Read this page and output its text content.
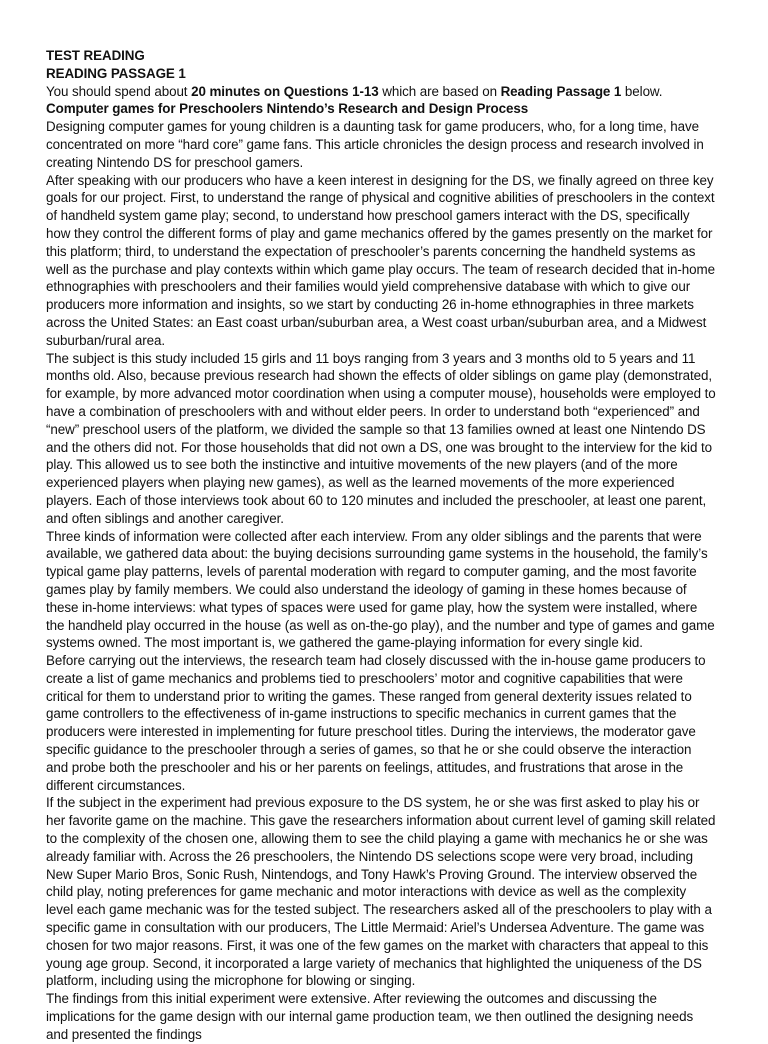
TEST READING
READING PASSAGE 1
You should spend about 20 minutes on Questions 1-13 which are based on Reading Passage 1 below.
Computer games for Preschoolers Nintendo’s Research and Design Process

Designing computer games for young children is a daunting task for game producers, who, for a long time, have concentrated on more “hard core” game fans. This article chronicles the design process and research involved in creating Nintendo DS for preschool gamers.

After speaking with our producers who have a keen interest in designing for the DS, we finally agreed on three key goals for our project. First, to understand the range of physical and cognitive abilities of preschoolers in the context of handheld system game play; second, to understand how preschool gamers interact with the DS, specifically how they control the different forms of play and game mechanics offered by the games presently on the market for this platform; third, to understand the expectation of preschooler’s parents concerning the handheld systems as well as the purchase and play contexts within which game play occurs. The team of research decided that in-home ethnographies with preschoolers and their families would yield comprehensive database with which to give our producers more information and insights, so we start by conducting 26 in-home ethnographies in three markets across the United States: an East coast urban/suburban area, a West coast urban/suburban area, and a Midwest suburban/rural area.

The subject is this study included 15 girls and 11 boys ranging from 3 years and 3 months old to 5 years and 11 months old. Also, because previous research had shown the effects of older siblings on game play (demonstrated, for example, by more advanced motor coordination when using a computer mouse), households were employed to have a combination of preschoolers with and without elder peers. In order to understand both “experienced” and “new” preschool users of the platform, we divided the sample so that 13 families owned at least one Nintendo DS and the others did not. For those households that did not own a DS, one was brought to the interview for the kid to play. This allowed us to see both the instinctive and intuitive movements of the new players (and of the more experienced players when playing new games), as well as the learned movements of the more experienced players. Each of those interviews took about 60 to 120 minutes and included the preschooler, at least one parent, and often siblings and another caregiver.

Three kinds of information were collected after each interview. From any older siblings and the parents that were available, we gathered data about: the buying decisions surrounding game systems in the household, the family’s typical game play patterns, levels of parental moderation with regard to computer gaming, and the most favorite games play by family members. We could also understand the ideology of gaming in these homes because of these in-home interviews: what types of spaces were used for game play, how the system were installed, where the handheld play occurred in the house (as well as on-the-go play), and the number and type of games and game systems owned. The most important is, we gathered the game-playing information for every single kid.

Before carrying out the interviews, the research team had closely discussed with the in-house game producers to create a list of game mechanics and problems tied to preschoolers’ motor and cognitive capabilities that were critical for them to understand prior to writing the games. These ranged from general dexterity issues related to game controllers to the effectiveness of in-game instructions to specific mechanics in current games that the producers were interested in implementing for future preschool titles. During the interviews, the moderator gave specific guidance to the preschooler through a series of games, so that he or she could observe the interaction and probe both the preschooler and his or her parents on feelings, attitudes, and frustrations that arose in the different circumstances.

If the subject in the experiment had previous exposure to the DS system, he or she was first asked to play his or her favorite game on the machine. This gave the researchers information about current level of gaming skill related to the complexity of the chosen one, allowing them to see the child playing a game with mechanics he or she was already familiar with. Across the 26 preschoolers, the Nintendo DS selections scope were very broad, including New Super Mario Bros, Sonic Rush, Nintendogs, and Tony Hawk’s Proving Ground. The interview observed the child play, noting preferences for game mechanic and motor interactions with device as well as the complexity level each game mechanic was for the tested subject. The researchers asked all of the preschoolers to play with a specific game in consultation with our producers, The Little Mermaid: Ariel’s Undersea Adventure. The game was chosen for two major reasons. First, it was one of the few games on the market with characters that appeal to this young age group. Second, it incorporated a large variety of mechanics that highlighted the uniqueness of the DS platform, including using the microphone for blowing or singing.

The findings from this initial experiment were extensive. After reviewing the outcomes and discussing the implications for the game design with our internal game production team, we then outlined the designing needs and presented the findings
